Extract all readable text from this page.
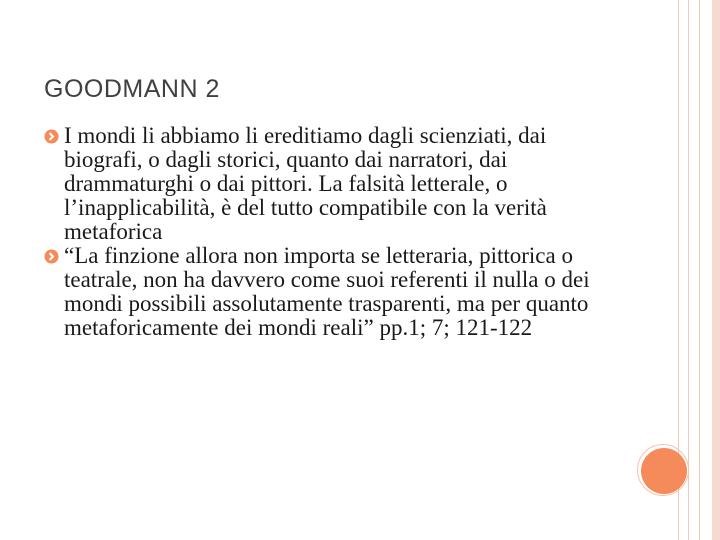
GOODMANN 2
I mondi li abbiamo li ereditiamo dagli scienziati, dai biografi, o dagli storici, quanto dai narratori, dai drammaturghi o dai pittori. La falsità letterale, o l’inapplicabilità, è del tutto compatibile con la verità metaforica
“La finzione allora non importa se letteraria, pittorica o teatrale, non ha davvero come suoi referenti il nulla o dei mondi possibili assolutamente trasparenti, ma per quanto metaforicamente dei mondi reali” pp.1; 7; 121-122
